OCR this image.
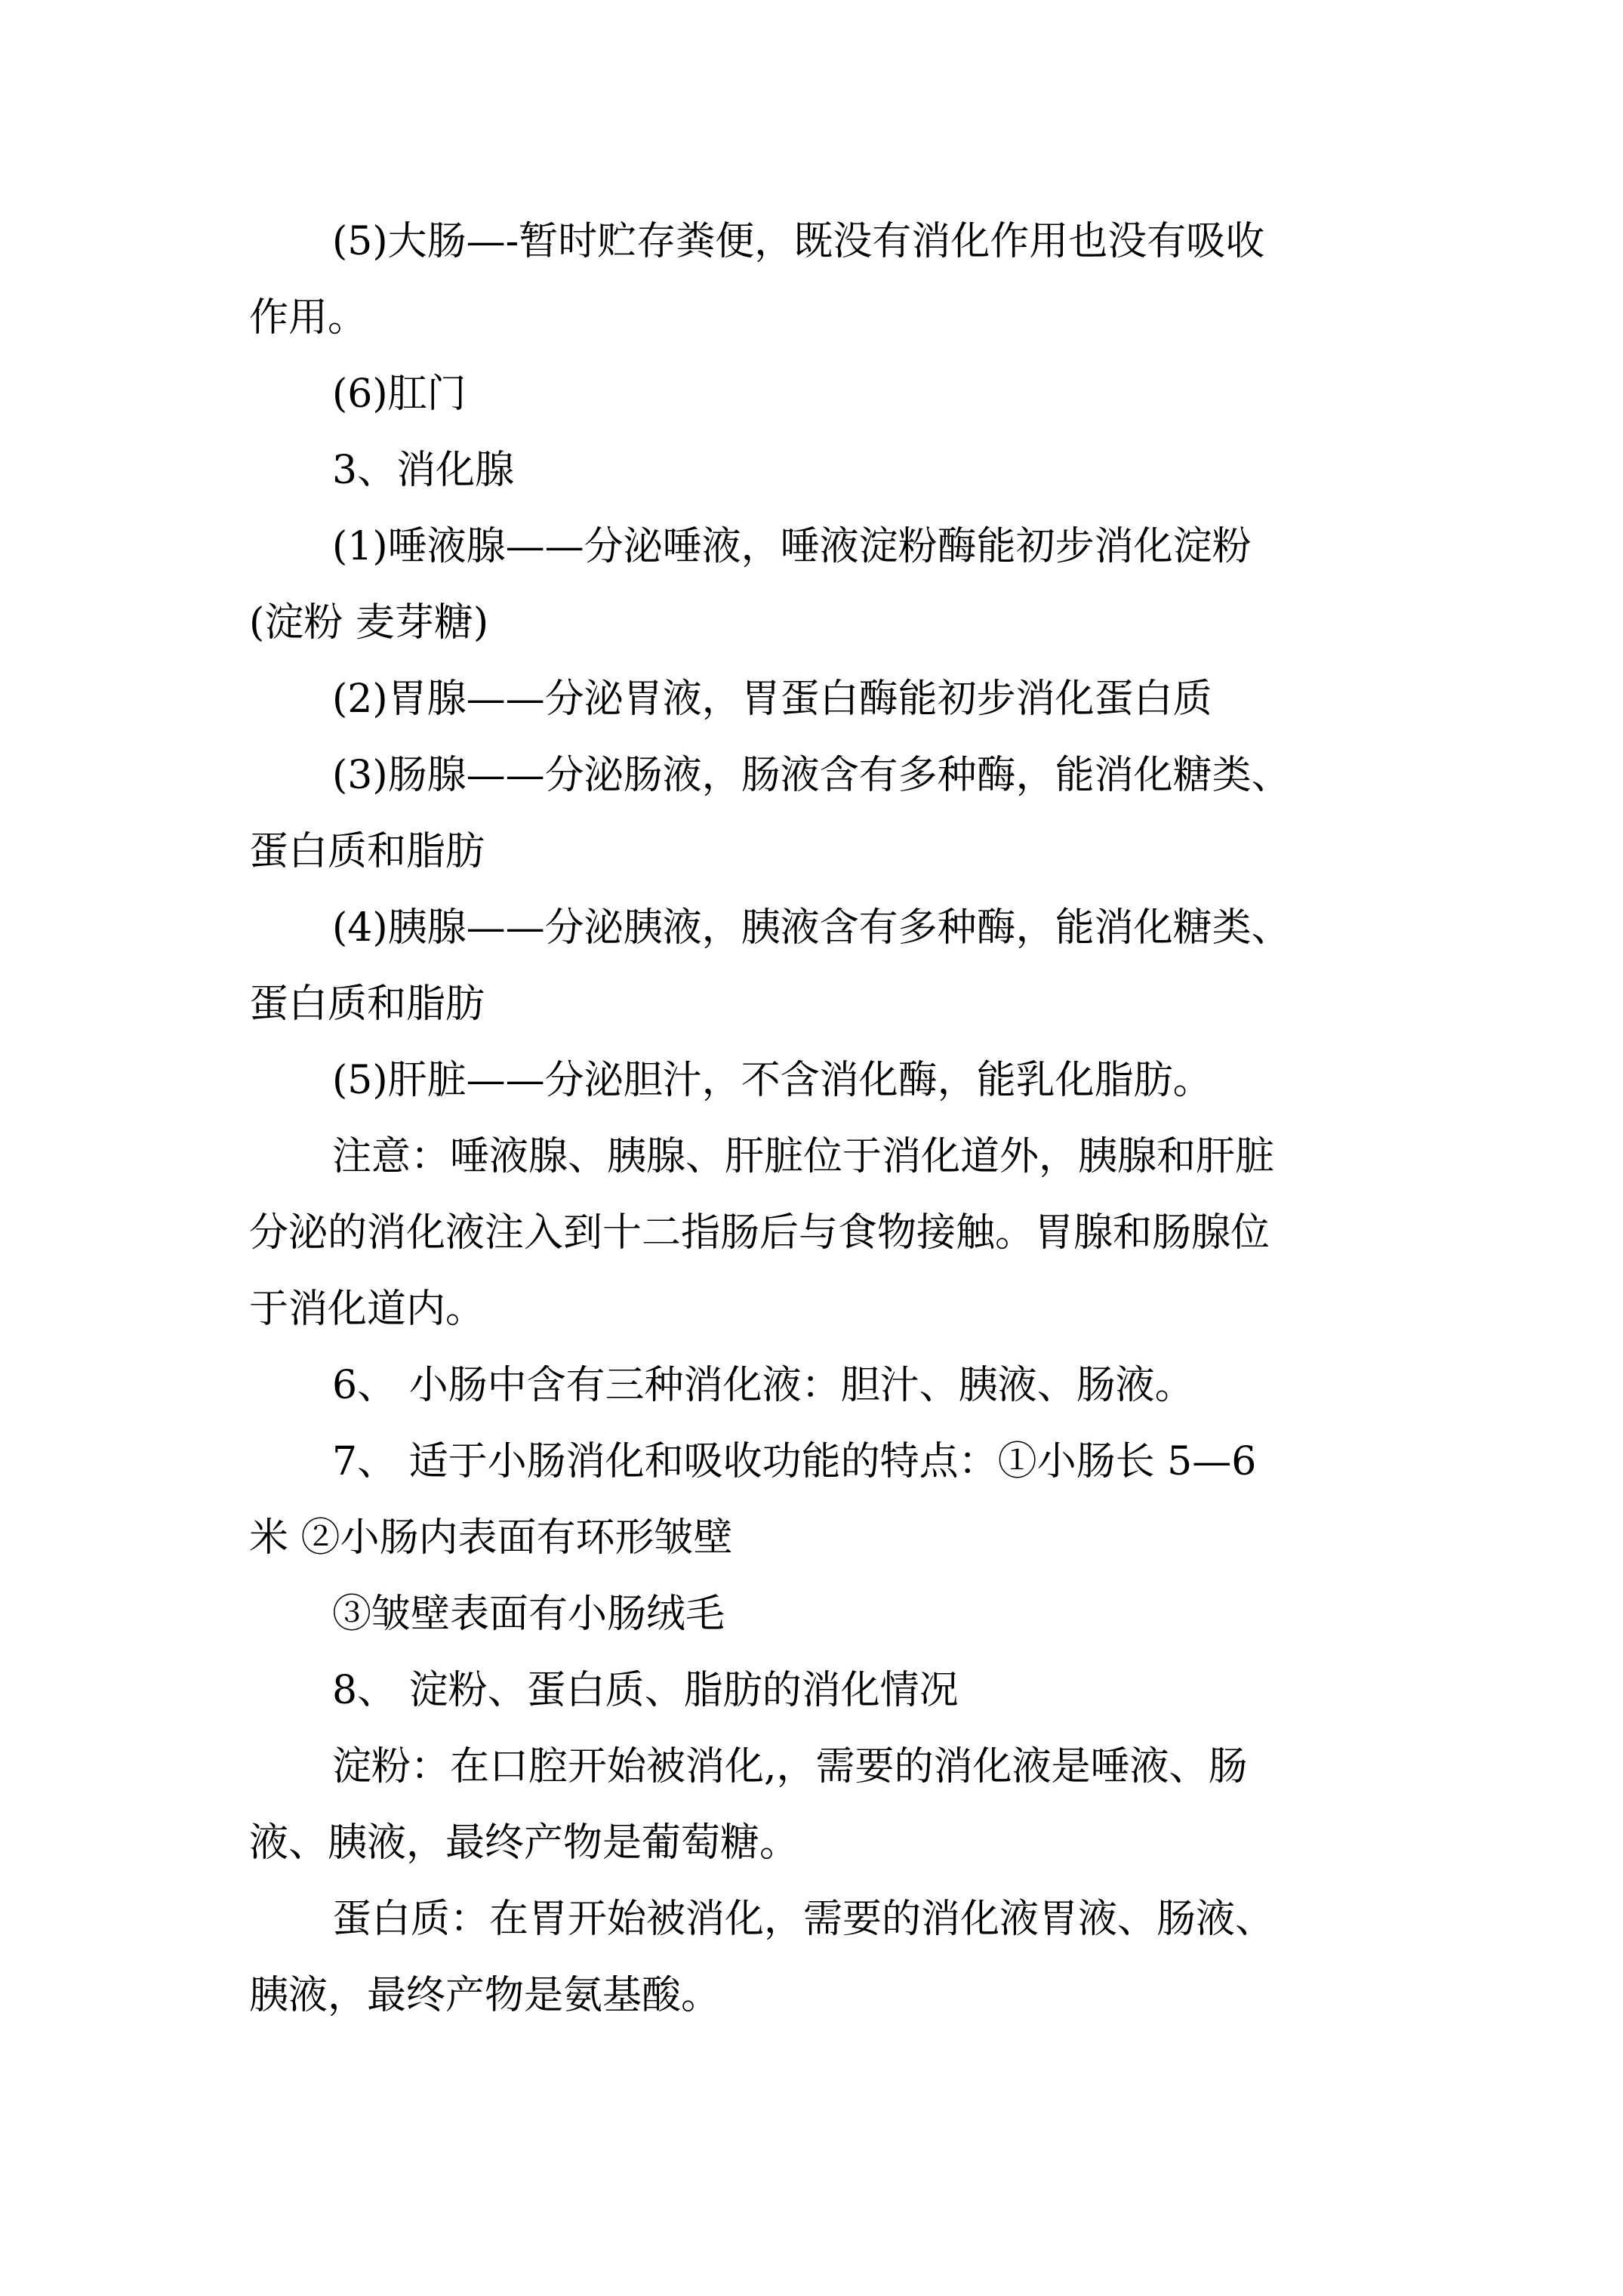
(5)大肠—-暂时贮存粪便，既没有消化作用也没有吸收

作用。

(6)肛门

3、消化腺

(1)唾液腺——分泌唾液，唾液淀粉酶能初步消化淀粉

(淀粉 麦芽糖)

(2)胃腺——分泌胃液，胃蛋白酶能初步消化蛋白质

(3)肠腺——分泌肠液，肠液含有多种酶，能消化糖类、

蛋白质和脂肪

(4)胰腺——分泌胰液，胰液含有多种酶，能消化糖类、

蛋白质和脂肪

(5)肝脏——分泌胆汁，不含消化酶，能乳化脂肪。

注意：唾液腺、胰腺、肝脏位于消化道外，胰腺和肝脏

分泌的消化液注入到十二指肠后与食物接触。胃腺和肠腺位

于消化道内。

6、 小肠中含有三种消化液：胆汁、胰液、肠液。

7、 适于小肠消化和吸收功能的特点：①小肠长 5—6

米 ②小肠内表面有环形皱壁

③皱壁表面有小肠绒毛

8、 淀粉、蛋白质、脂肪的消化情况

淀粉：在口腔开始被消化,，需要的消化液是唾液、肠

液、胰液，最终产物是葡萄糖。

蛋白质：在胃开始被消化，需要的消化液胃液、肠液、

胰液，最终产物是氨基酸。
